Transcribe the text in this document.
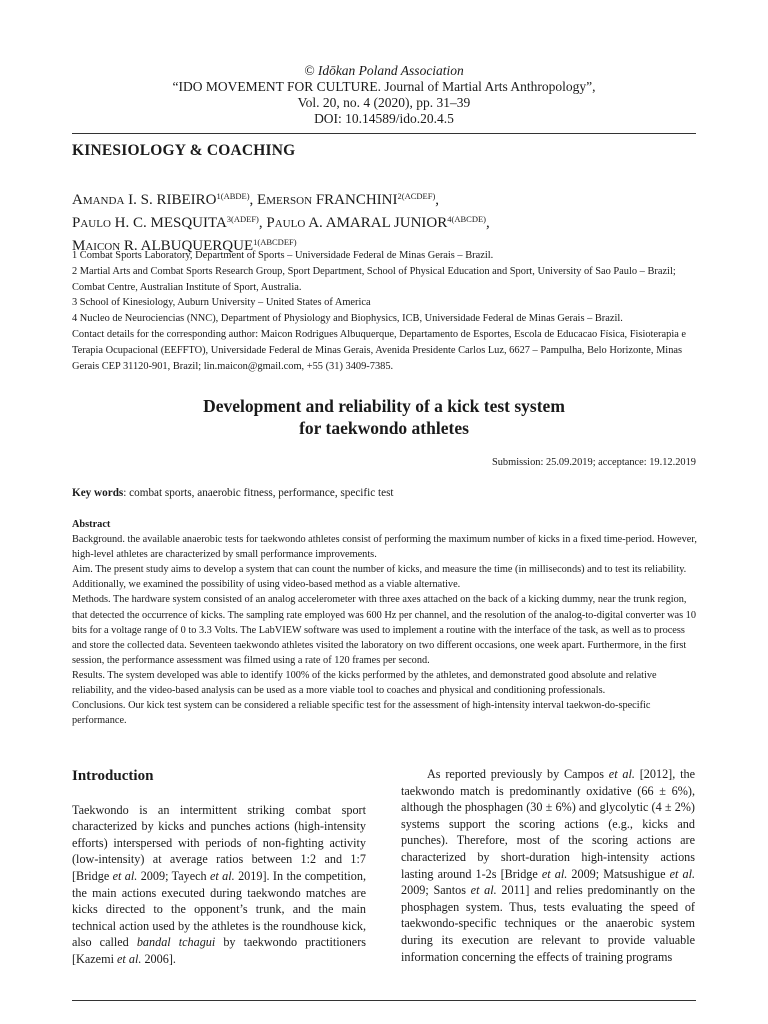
© Idōkan Poland Association
“IDO MOVEMENT FOR CULTURE. Journal of Martial Arts Anthropology”,
Vol. 20, no. 4 (2020), pp. 31–39
DOI: 10.14589/ido.20.4.5
KINESIOLOGY & COACHING
Amanda I. S. $RIBEIRO^{1(ABDE)}$, Emerson $FRANCHINI^{2(ACDEF)}$,
Paulo H. C. $MESQUITA^{3(ADEF)}$, Paulo A. AMARAL $JUNIOR^{4(ABCDE)}$,
Maicon R. $ALBUQUERQUE^{1(ABCDEF)}$
1 Combat Sports Laboratory, Department of Sports – Universidade Federal de Minas Gerais – Brazil.
2 Martial Arts and Combat Sports Research Group, Sport Department, School of Physical Education and Sport, University of Sao Paulo – Brazil; Combat Centre, Australian Institute of Sport, Australia.
3 School of Kinesiology, Auburn University – United States of America
4 Nucleo de Neurociencias (NNC), Department of Physiology and Biophysics, ICB, Universidade Federal de Minas Gerais – Brazil.
Contact details for the corresponding author: Maicon Rodrigues Albuquerque, Departamento de Esportes, Escola de Educacao Física, Fisioterapia e Terapia Ocupacional (EEFFTO), Universidade Federal de Minas Gerais, Avenida Presidente Carlos Luz, 6627 – Pampulha, Belo Horizonte, Minas Gerais CEP 31120-901, Brazil; lin.maicon@gmail.com, +55 (31) 3409-7385.
Development and reliability of a kick test system
for taekwondo athletes
Submission: 25.09.2019; acceptance: 19.12.2019
Key words: combat sports, anaerobic fitness, performance, specific test
Abstract
Background. the available anaerobic tests for taekwondo athletes consist of performing the maximum number of kicks in a fixed time-period. However, high-level athletes are characterized by small performance improvements.
Aim. The present study aims to develop a system that can count the number of kicks, and measure the time (in milliseconds) and to test its reliability. Additionally, we examined the possibility of using video-based method as a viable alternative.
Methods. The hardware system consisted of an analog accelerometer with three axes attached on the back of a kicking dummy, near the trunk region, that detected the occurrence of kicks. The sampling rate employed was 600 Hz per channel, and the resolution of the analog-to-digital converter was 10 bits for a voltage range of 0 to 3.3 Volts. The LabVIEW software was used to implement a routine with the interface of the task, as well as to process and store the collected data. Seventeen taekwondo athletes visited the laboratory on two different occasions, one week apart. Furthermore, in the first session, the performance assessment was filmed using a rate of 120 frames per second.
Results. The system developed was able to identify 100% of the kicks performed by the athletes, and demonstrated good absolute and relative reliability, and the video-based analysis can be used as a more viable tool to coaches and physical and conditioning professionals.
Conclusions. Our kick test system can be considered a reliable specific test for the assessment of high-intensity interval taekwon-do-specific performance.
Introduction

Taekwondo is an intermittent striking combat sport characterized by kicks and punches actions (high-intensity efforts) interspersed with periods of non-fighting activity (low-intensity) at average ratios between 1:2 and 1:7 [Bridge et al. 2009; Tayech et al. 2019]. In the competition, the main actions executed during taekwondo matches are kicks directed to the opponent’s trunk, and the main technical action used by the athletes is the roundhouse kick, also called bandal tchagui by taekwondo practitioners [Kazemi et al. 2006].

As reported previously by Campos et al. [2012], the taekwondo match is predominantly oxidative (66 ± 6%), although the phosphagen (30 ± 6%) and glycolytic (4 ± 2%) systems support the scoring actions (e.g., kicks and punches). Therefore, most of the scoring actions are characterized by short-duration high-intensity actions lasting around 1-2s [Bridge et al. 2009; Matsushigue et al. 2009; Santos et al. 2011] and relies predominantly on the phosphagen system. Thus, tests evaluating the speed of taekwondo-specific techniques or the anaerobic system during its execution are relevant to provide valuable information concerning the effects of training programs
